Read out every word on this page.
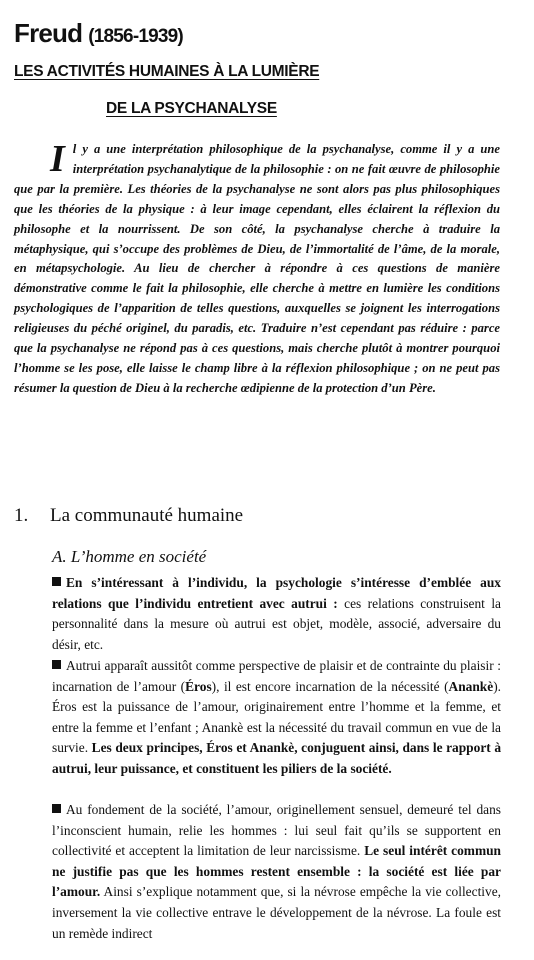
Freud (1856-1939)
LES ACTIVITÉS HUMAINES À LA LUMIÈRE
DE LA PSYCHANALYSE
Il y a une interprétation philosophique de la psychanalyse, comme il y a une interprétation psychanalytique de la philosophie : on ne fait œuvre de philosophie que par la première. Les théories de la psychanalyse ne sont alors pas plus philosophiques que les théories de la physique : à leur image cependant, elles éclairent la réflexion du philosophe et la nourrissent. De son côté, la psychanalyse cherche à traduire la métaphysique, qui s’occupe des problèmes de Dieu, de l’immortalité de l’âme, de la morale, en métapsychologie. Au lieu de chercher à répondre à ces questions de manière démonstrative comme le fait la philosophie, elle cherche à mettre en lumière les conditions psychologiques de l’apparition de telles questions, auxquelles se joignent les interrogations religieuses du péché originel, du paradis, etc. Traduire n’est cependant pas réduire : parce que la psychanalyse ne répond pas à ces questions, mais cherche plutôt à montrer pourquoi l’homme se les pose, elle laisse le champ libre à la réflexion philosophique ; on ne peut pas résumer la question de Dieu à la recherche œdipienne de la protection d’un Père.
1. La communauté humaine
A. L’homme en société
En s’intéressant à l’individu, la psychologie s’intéresse d’emblée aux relations que l’individu entretient avec autrui : ces relations construisent la personnalité dans la mesure où autrui est objet, modèle, associé, adversaire du désir, etc.
Autrui apparaît aussitôt comme perspective de plaisir et de contrainte du plaisir : incarnation de l’amour (Éros), il est encore incarnation de la nécessité (Anankè). Éros est la puissance de l’amour, originairement entre l’homme et la femme, et entre la femme et l’enfant ; Anankè est la nécessité du travail commun en vue de la survie. Les deux principes, Éros et Anankè, conjuguent ainsi, dans le rapport à autrui, leur puissance, et constituent les piliers de la société.
Au fondement de la société, l’amour, originellement sensuel, demeuré tel dans l’inconscient humain, relie les hommes : lui seul fait qu’ils se supportent en collectivité et acceptent la limitation de leur narcissisme. Le seul intérêt commun ne justifie pas que les hommes restent ensemble : la société est liée par l’amour. Ainsi s’explique notamment que, si la névrose empêche la vie collective, inversement la vie collective entrave le développement de la névrose. La foule est un remède indirect
